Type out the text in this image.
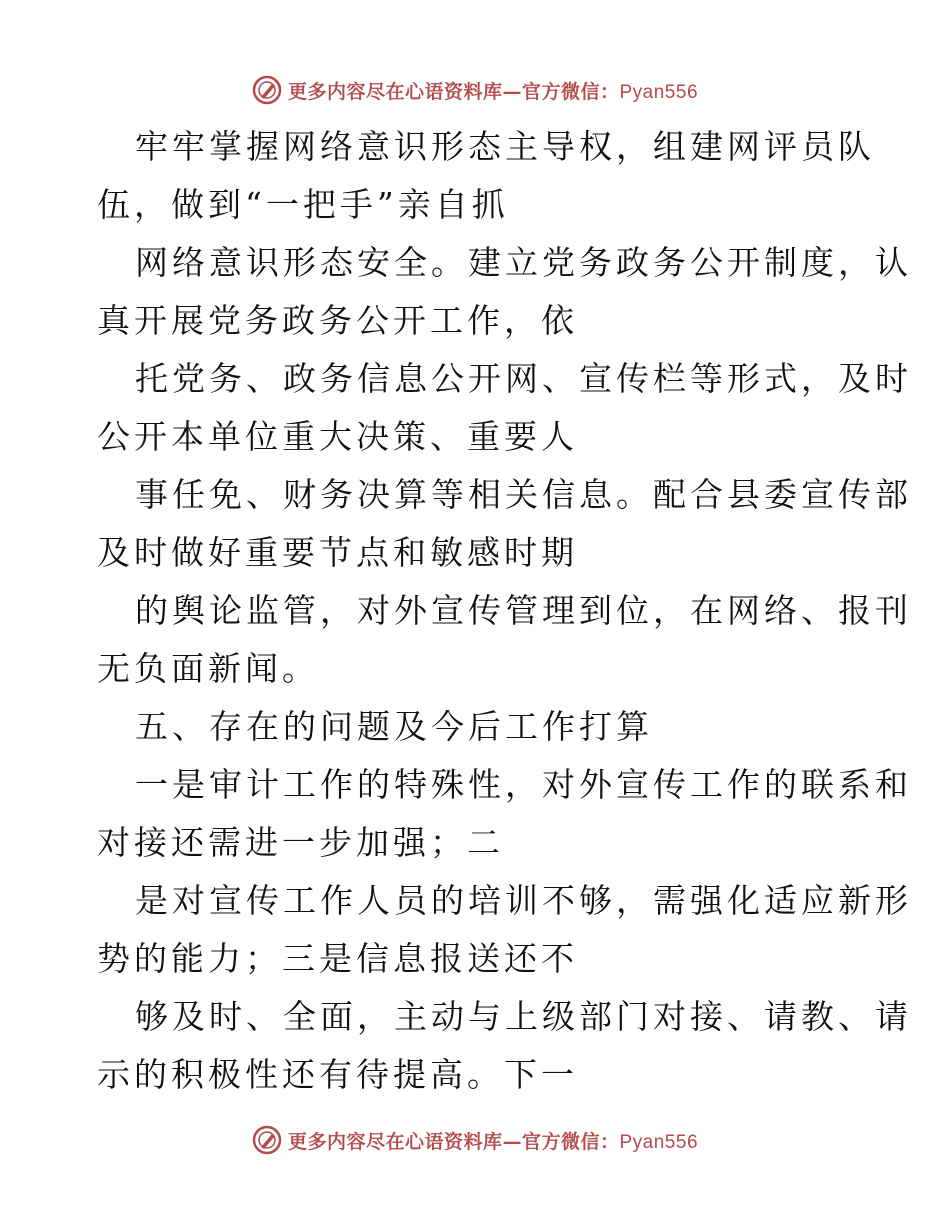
更多内容尽在心语资料库—官方微信：Pyan556
牢牢掌握网络意识形态主导权，组建网评员队
伍，做到“一把手”亲自抓
网络意识形态安全。建立党务政务公开制度，认
真开展党务政务公开工作，依
托党务、政务信息公开网、宣传栏等形式，及时
公开本单位重大决策、重要人
事任免、财务决算等相关信息。配合县委宣传部
及时做好重要节点和敏感时期
的舆论监管，对外宣传管理到位，在网络、报刊
无负面新闻。
五、存在的问题及今后工作打算
一是审计工作的特殊性，对外宣传工作的联系和
对接还需进一步加强；二
是对宣传工作人员的培训不够，需强化适应新形
势的能力；三是信息报送还不
够及时、全面，主动与上级部门对接、请教、请
示的积极性还有待提高。下一
更多内容尽在心语资料库—官方微信：Pyan556
